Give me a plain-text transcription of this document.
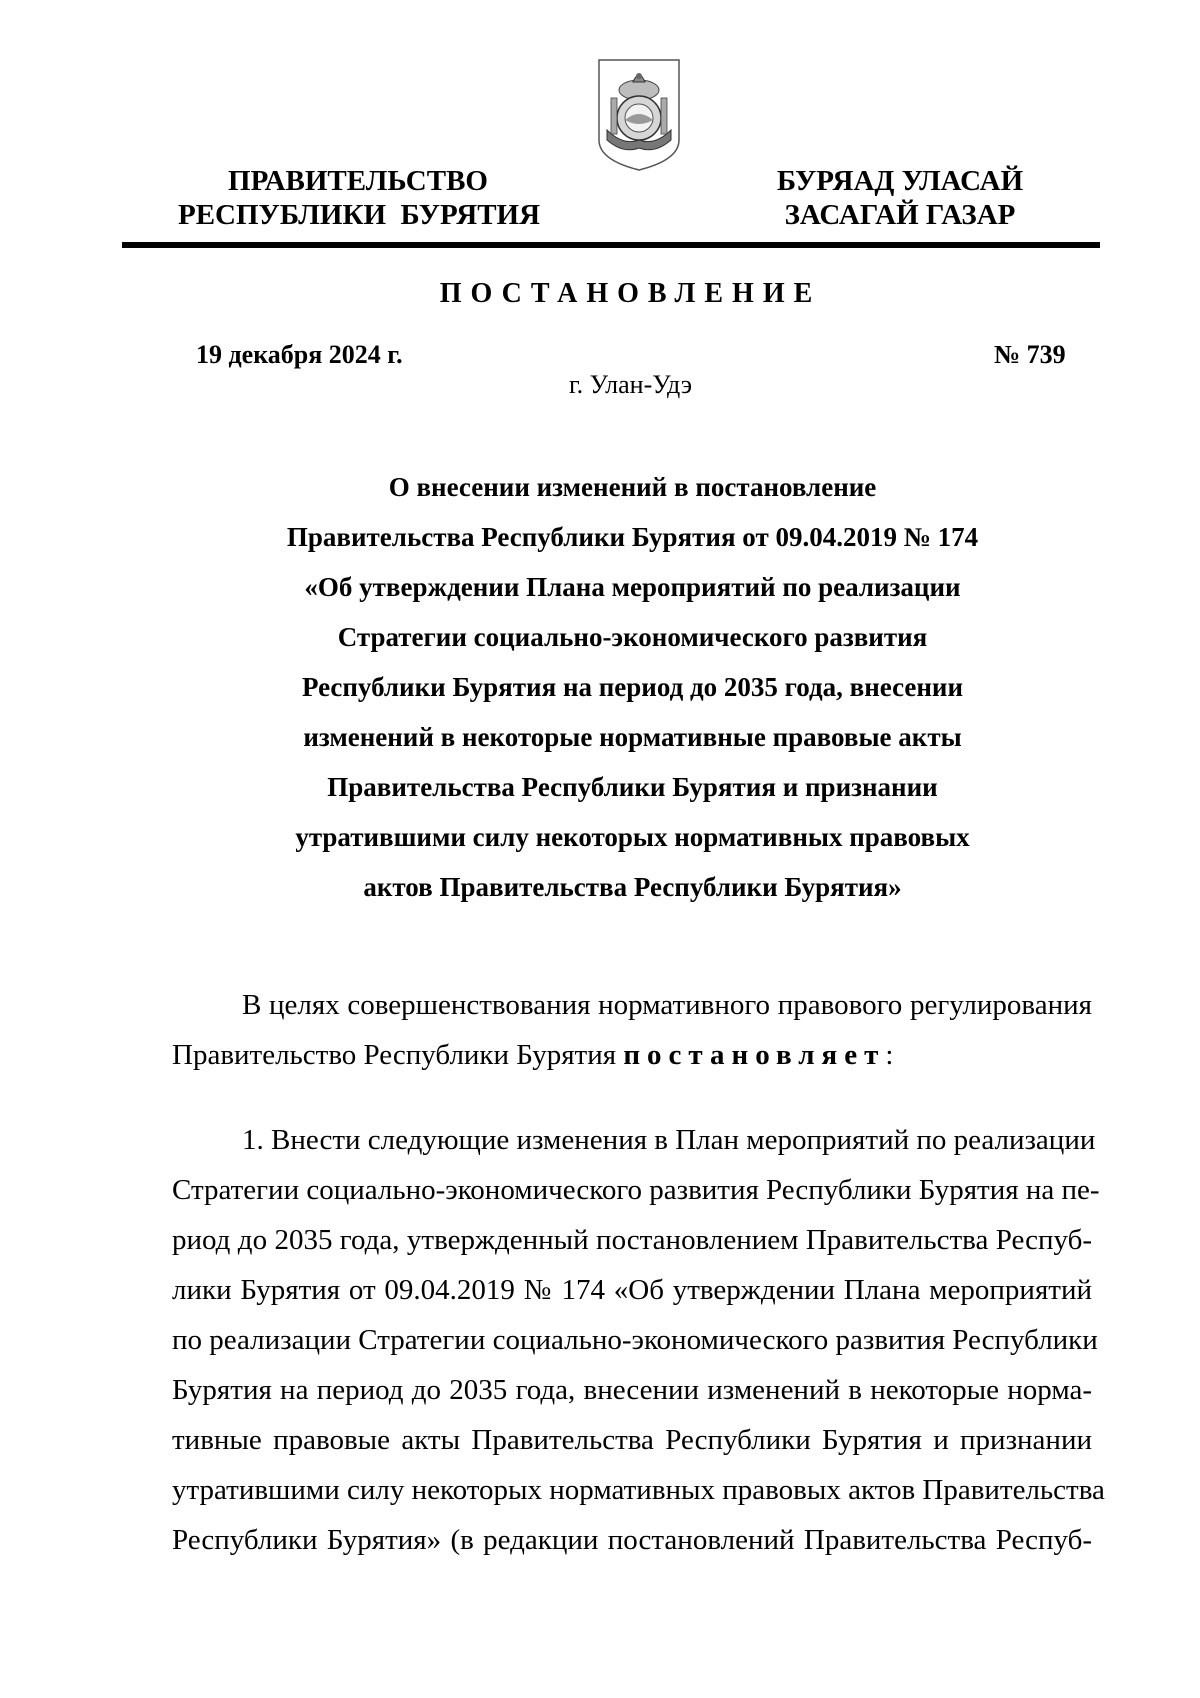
ПРАВИТЕЛЬСТВО
РЕСПУБЛИКИ  БУРЯТИЯ
БУРЯАД УЛАСАЙ
ЗАСАГАЙ ГАЗАР
ПОСТАНОВЛЕНИЕ
19 декабря 2024 г.	№ 739
г. Улан-Удэ
О внесении изменений в постановление
Правительства Республики Бурятия от 09.04.2019 № 174
«Об утверждении Плана мероприятий по реализации
Стратегии социально-экономического развития
Республики Бурятия на период до 2035 года, внесении
изменений в некоторые нормативные правовые акты
Правительства Республики Бурятия и признании
утратившими силу некоторых нормативных правовых
актов Правительства Республики Бурятия»
В целях совершенствования нормативного правового регулирования
Правительство Республики Бурятия постановляет:
1. Внести следующие изменения в План мероприятий по реализации
Стратегии социально-экономического развития Республики Бурятия на пе-
риод до 2035 года, утвержденный постановлением Правительства Респуб-
лики Бурятия от 09.04.2019 № 174 «Об утверждении Плана мероприятий
по реализации Стратегии социально-экономического развития Республики
Бурятия на период до 2035 года, внесении изменений в некоторые норма-
тивные правовые акты Правительства Республики Бурятия и признании
утратившими силу некоторых нормативных правовых актов Правительства
Республики Бурятия» (в редакции постановлений Правительства Респуб-
